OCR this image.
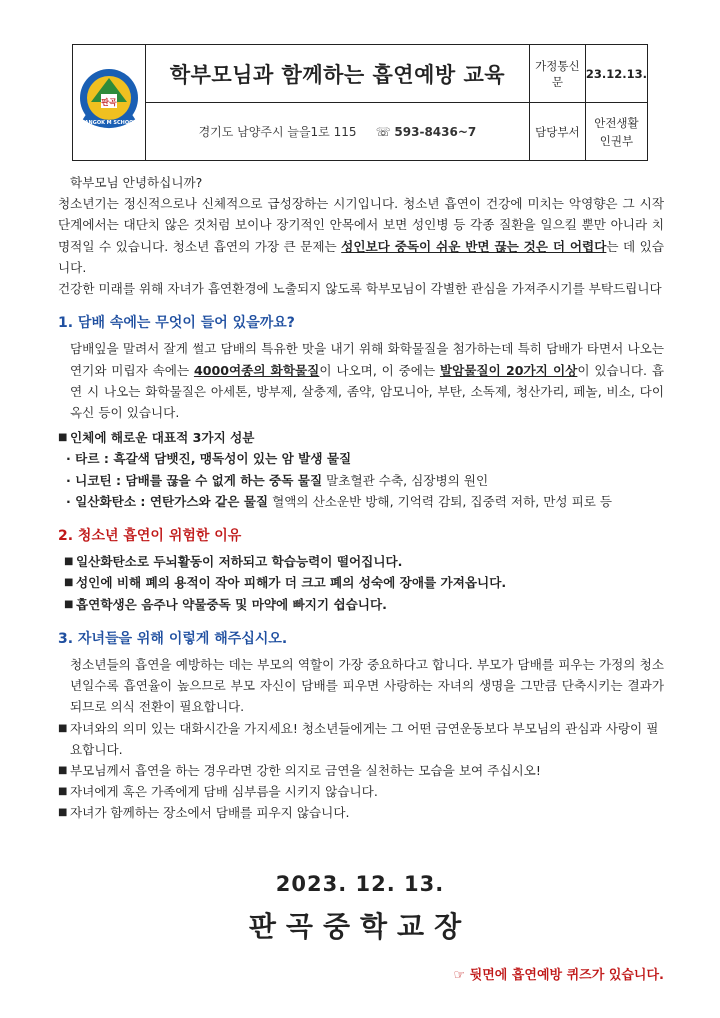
판곡
PANGOK M SCHOOL	학부모님과 함께하는 흡연예방 교육	가정통신문	23.12.13.
	경기도 남양주시 늘을1로 115 ☏ 593-8436~7	담당부서	안전생활
인권부

학부모님 안녕하십니까?

청소년기는 정신적으로나 신체적으로 급성장하는 시기입니다. 청소년 흡연이 건강에 미치는 악영향은 그 시작 단계에서는 대단치 않은 것처럼 보이나 장기적인 안목에서 보면 성인병 등 각종 질환을 일으킬 뿐만 아니라 치명적일 수 있습니다. 청소년 흡연의 가장 큰 문제는 성인보다 중독이 쉬운 반면 끊는 것은 더 어렵다는 데 있습니다.

건강한 미래를 위해 자녀가 흡연환경에 노출되지 않도록 학부모님이 각별한 관심을 가져주시기를 부탁드립니다

1. 담배 속에는 무엇이 들어 있을까요?

담배잎을 말려서 잘게 썰고 담배의 특유한 맛을 내기 위해 화학물질을 첨가하는데 특히 담배가 타면서 나오는 연기와 미립자 속에는 4000여종의 화학물질이 나오며, 이 중에는 발암물질이 20가지 이상이 있습니다. 흡연 시 나오는 화학물질은 아세톤, 방부제, 살충제, 좀약, 암모니아, 부탄, 소독제, 청산가리, 페놀, 비소, 다이옥신 등이 있습니다.

■ 인체에 해로운 대표적 3가지 성분
· 타르 : 흑갈색 담뱃진, 맹독성이 있는 암 발생 물질
· 니코틴 : 담배를 끊을 수 없게 하는 중독 물질 말초혈관 수축, 심장병의 원인
· 일산화탄소 : 연탄가스와 같은 물질 혈액의 산소운반 방해, 기억력 감퇴, 집중력 저하, 만성 피로 등

2. 청소년 흡연이 위험한 이유

■ 일산화탄소로 두뇌활동이 저하되고 학습능력이 떨어집니다.
■ 성인에 비해 폐의 용적이 작아 피해가 더 크고 폐의 성숙에 장애를 가져옵니다.
■ 흡연학생은 음주나 약물중독 및 마약에 빠지기 쉽습니다.

3. 자녀들을 위해 이렇게 해주십시오.

청소년들의 흡연을 예방하는 데는 부모의 역할이 가장 중요하다고 합니다. 부모가 담배를 피우는 가정의 청소년일수록 흡연율이 높으므로 부모 자신이 담배를 피우면 사랑하는 자녀의 생명을 그만큼 단축시키는 결과가 되므로 의식 전환이 필요합니다.

■ 자녀와의 의미 있는 대화시간을 가지세요! 청소년들에게는 그 어떤 금연운동보다 부모님의 관심과 사랑이 필요합니다.
■ 부모님께서 흡연을 하는 경우라면 강한 의지로 금연을 실천하는 모습을 보여 주십시오!
■ 자녀에게 혹은 가족에게 담배 심부름을 시키지 않습니다.
■ 자녀가 함께하는 장소에서 담배를 피우지 않습니다.
2023. 12. 13.
판곡중학교장
☞ 뒷면에 흡연예방 퀴즈가 있습니다.
